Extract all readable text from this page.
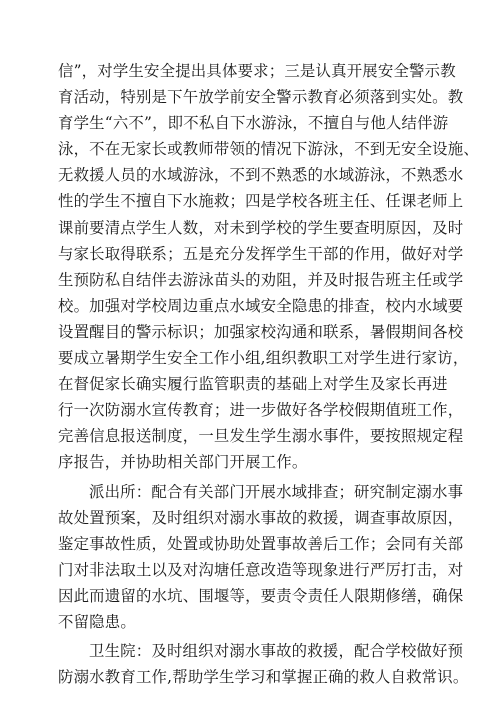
信”，对学生安全提出具体要求；三是认真开展安全警示教
育活动，特别是下午放学前安全警示教育必须落到实处。教
育学生“六不”，即不私自下水游泳，不擅自与他人结伴游
泳，不在无家长或教师带领的情况下游泳，不到无安全设施、
无救援人员的水域游泳，不到不熟悉的水域游泳，不熟悉水
性的学生不擅自下水施救；四是学校各班主任、任课老师上
课前要清点学生人数，对未到学校的学生要查明原因，及时
与家长取得联系；五是充分发挥学生干部的作用，做好对学
生预防私自结伴去游泳苗头的劝阻，并及时报告班主任或学
校。加强对学校周边重点水域安全隐患的排查，校内水域要
设置醒目的警示标识；加强家校沟通和联系，暑假期间各校
要成立暑期学生安全工作小组,组织教职工对学生进行家访，
在督促家长确实履行监管职责的基础上对学生及家长再进
行一次防溺水宣传教育；进一步做好各学校假期值班工作，
完善信息报送制度，一旦发生学生溺水事件，要按照规定程
序报告，并协助相关部门开展工作。
派出所：配合有关部门开展水域排查；研究制定溺水事
故处置预案，及时组织对溺水事故的救援，调查事故原因，
鉴定事故性质，处置或协助处置事故善后工作；会同有关部
门对非法取土以及对沟塘任意改造等现象进行严厉打击，对
因此而遗留的水坑、围堰等，要责令责任人限期修缮，确保
不留隐患。
卫生院：及时组织对溺水事故的救援，配合学校做好预
防溺水教育工作,帮助学生学习和掌握正确的救人自救常识。
